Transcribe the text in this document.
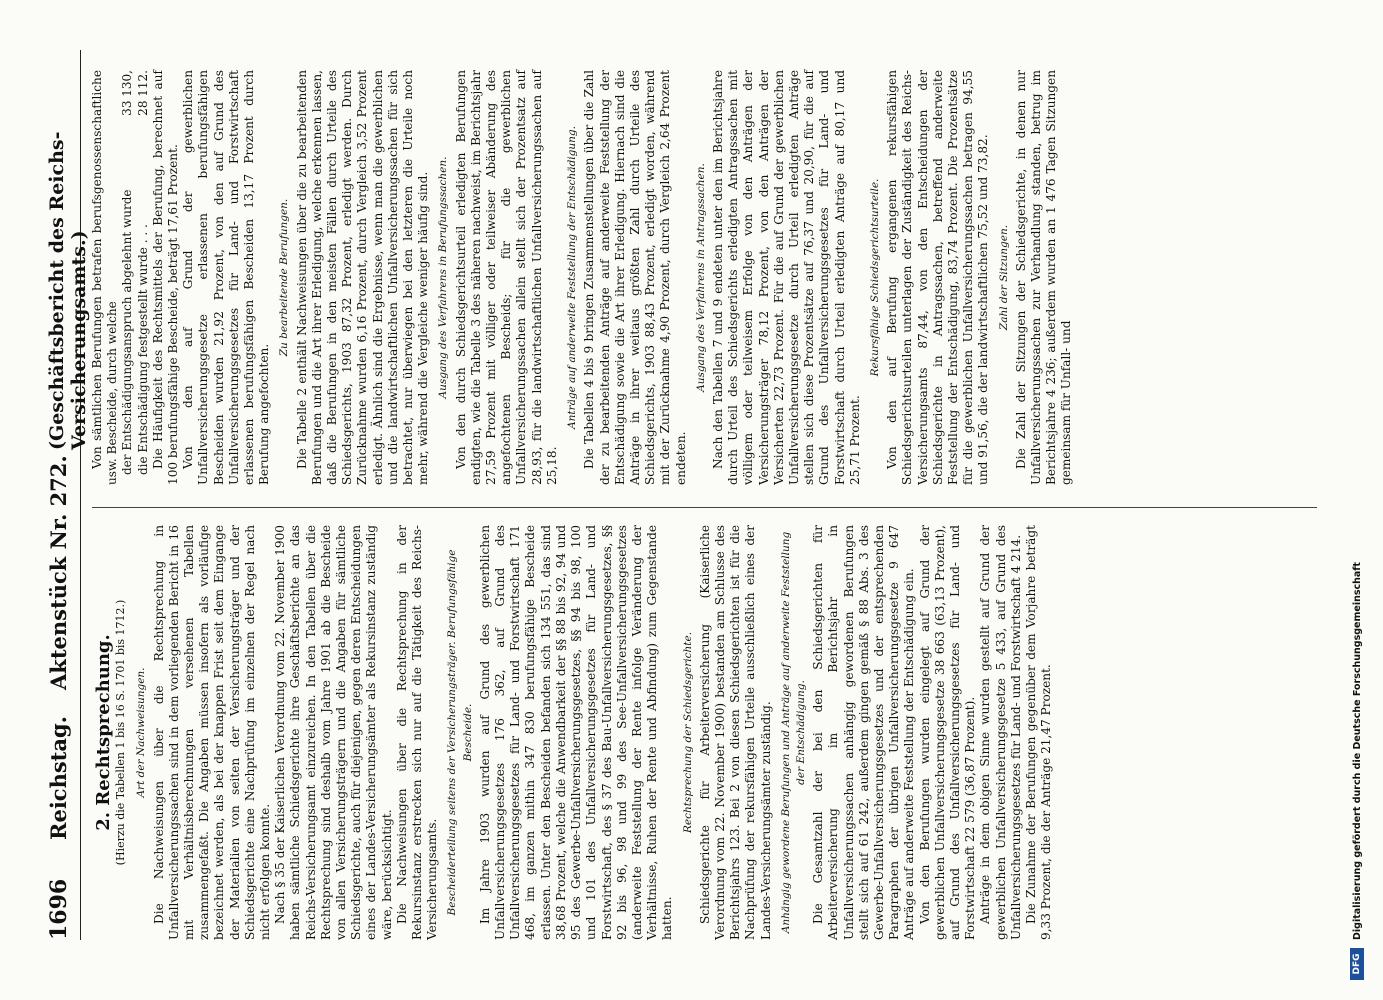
1696
Reichstag.
Aktenstück Nr. 272.
(Geschäftsbericht des Reichs-Versicherungsamts.)
2. Rechtsprechung. (Hierzu die Tabellen 1 bis 16 S. 1701 bis 1712.) Art der Nachweisungen. Die Nachweisungen über die Rechtsprechung in Unfallversicherungssachen sind in dem vorliegenden Bericht in 16 mit Verhältnisberechnungen versehenen Tabellen zusammengefaßt. Die Angaben müssen insofern als vorläufige bezeichnet werden, als bei der knappen Frist seit dem Eingange der Materialien von seiten der Versicherungsträger und der Schiedsgerichte eine Nachprüfung im einzelnen der Regel nach nicht erfolgen konnte. Nach § 35 der Kaiserlichen Verordnung vom 22. November 1900 haben sämtliche Schiedsgerichte ihre Geschäftsberichte an das Reichs-Versicherungsamt einzureichen. In den Tabellen über die Rechtsprechung sind deshalb vom Jahre 1901 ab die Bescheide von allen Versicherungsträgern und die Angaben für sämtliche Schiedsgerichte, auch für diejenigen, gegen deren Entscheidungen eines der Landes-Versicherungsämter als Rekursinstanz zuständig wäre, berücksichtigt. Die Nachweisungen über die Rechtsprechung in der Rekursinstanz erstrecken sich nur auf die Tätigkeit des Reichs-Versicherungsamts. Bescheiderteilung seitens der Versicherungsträger. Berufungsfähige Bescheide. Im Jahre 1903 wurden auf Grund des gewerblichen Unfallversicherungsgesetzes 176 362, auf Grund des Unfallversicherungsgesetzes für Land- und Forstwirtschaft 171 468, im ganzen mithin 347 830 berufungsfähige Bescheide erlassen. Unter den Bescheiden befanden sich 134 551, das sind 38,68 Prozent, welche die Anwendbarkeit der §§ 88 bis 92, 94 und 95 des Gewerbe-Unfallversicherungsgesetzes, §§ 94 bis 98, 100 und 101 des Unfallversicherungsgesetzes für Land- und Forstwirtschaft, des § 37 des Bau-Unfallversicherungsgesetzes, §§ 92 bis 96, 98 und 99 des See-Unfallversicherungsgesetzes (anderweite Feststellung der Rente infolge Veränderung der Verhältnisse, Ruhen der Rente und Abfindung) zum Gegenstande hatten.

Rechtsprechung der Schiedsgerichte. Schiedsgerichte für Arbeiterversicherung (Kaiserliche Verordnung vom 22. November 1900) bestanden am Schlusse des Berichtsjahrs 123. Bei 2 von diesen Schiedsgerichten ist für die Nachprüfung der rekursfähigen Urteile ausschließlich eines der Landes-Versicherungsämter zuständig. Anhängig gewordene Berufungen und Anträge auf anderweite Feststellung der Entschädigung. Die Gesamtzahl der bei den Schiedsgerichten für Arbeiterversicherung im Berichtsjahr in Unfallversicherungssachen anhängig gewordenen Berufungen stellt sich auf 61 242, außerdem gingen gemäß § 88 Abs. 3 des Gewerbe-Unfallversicherungsgesetzes und der entsprechenden Paragraphen der übrigen Unfallversicherungsgesetze 9 647 Anträge auf anderweite Feststellung der Entschädigung ein. Von den Berufungen wurden eingelegt auf Grund der gewerblichen Unfallversicherungsgesetze 38 663 (63,13 Prozent), auf Grund des Unfallversicherungsgesetzes für Land- und Forstwirtschaft 22 579 (36,87 Prozent). Anträge in dem obigen Sinne wurden gestellt auf Grund der gewerblichen Unfallversicherungsgesetze 5 433, auf Grund des Unfallversicherungsgesetzes für Land- und Forstwirtschaft 4 214. Die Zunahme der Berufungen gegenüber dem Vorjahre beträgt 9,33 Prozent, die der Anträge 21,47 Prozent.

Von sämtlichen Berufungen betrafen berufsgenossenschaftliche usw. Bescheide, durch welche der Entschädigungsanspruch abgelehnt wurde
33 130,
die Entschädigung festgestellt wurde . . .
28 112. Die Häufigkeit des Rechtsmittels der Berufung, berechnet auf 100 berufungsfähige Bescheide, beträgt 17,61 Prozent. Von den auf Grund der gewerblichen Unfallversicherungsgesetze erlassenen berufungsfähigen Bescheiden wurden 21,92 Prozent, von den auf Grund des Unfallversicherungsgesetzes für Land- und Forstwirtschaft erlassenen berufungsfähigen Bescheiden 13,17 Prozent durch Berufung angefochten.

Zu bearbeitende Berufungen. Die Tabelle 2 enthält Nachweisungen über die zu bearbeitenden Berufungen und die Art ihrer Erledigung, welche erkennen lassen, daß die Berufungen in den meisten Fällen durch Urteile des Schiedsgerichts, 1903 87,32 Prozent, erledigt werden. Durch Zurücknahme wurden 6,16 Prozent, durch Vergleich 3,52 Prozent erledigt. Ähnlich sind die Ergebnisse, wenn man die gewerblichen und die landwirtschaftlichen Unfallversicherungssachen für sich betrachtet, nur überwiegen bei den letzteren die Urteile noch mehr, während die Vergleiche weniger häufig sind. Ausgang des Verfahrens in Berufungssachen. Von den durch Schiedsgerichtsurteil erledigten Berufungen endigten, wie die Tabelle 3 des näheren nachweist, im Berichtsjahr 27,59 Prozent mit völliger oder teilweiser Abänderung des angefochtenen Bescheids; für die gewerblichen Unfallversicherungssachen allein stellt sich der Prozentsatz auf 28,93, für die landwirtschaftlichen Unfallversicherungssachen auf 25,18.

Anträge auf anderweite Feststellung der Entschädigung. Die Tabellen 4 bis 9 bringen Zusammenstellungen über die Zahl der zu bearbeitenden Anträge auf anderweite Feststellung der Entschädigung sowie die Art ihrer Erledigung. Hiernach sind die Anträge in ihrer weitaus größten Zahl durch Urteile des Schiedsgerichts, 1903 88,43 Prozent, erledigt worden, während mit der Zurücknahme 4,90 Prozent, durch Vergleich 2,64 Prozent endeten.

Ausgang des Verfahrens in Antragssachen. Nach den Tabellen 7 und 9 endeten unter den im Berichtsjahre durch Urteil des Schiedsgerichts erledigten Antragssachen mit völligem oder teilweisem Erfolge von den Anträgen der Versicherungsträger 78,12 Prozent, von den Anträgen der Versicherten 22,73 Prozent. Für die auf Grund der gewerblichen Unfallversicherungsgesetze durch Urteil erledigten Anträge stellen sich diese Prozentsätze auf 76,37 und 20,90, für die auf Grund des Unfallversicherungsgesetzes für Land- und Forstwirtschaft durch Urteil erledigten Anträge auf 80,17 und 25,71 Prozent.

Rekursfähige Schiedsgerichtsurteile. Von den auf Berufung ergangenen rekursfähigen Schiedsgerichtsurteilen unterlagen der Zuständigkeit des Reichs-Versicherungsamts 87,44, von den Entscheidungen der Schiedsgerichte in Antragssachen, betreffend anderweite Feststellung der Entschädigung, 83,74 Prozent. Die Prozentsätze für die gewerblichen Unfallversicherungssachen betragen 94,55 und 91,56, die der landwirtschaftlichen 75,52 und 73,82. Zahl der Sitzungen. Die Zahl der Sitzungen der Schiedsgerichte, in denen nur Unfallversicherungssachen zur Verhandlung standen, betrug im Berichtsjahre 4 236; außerdem wurden an 1 476 Tagen Sitzungen gemeinsam für Unfall- und

DFG
Digitalisierung gefördert durch die Deutsche Forschungsgemeinschaft
